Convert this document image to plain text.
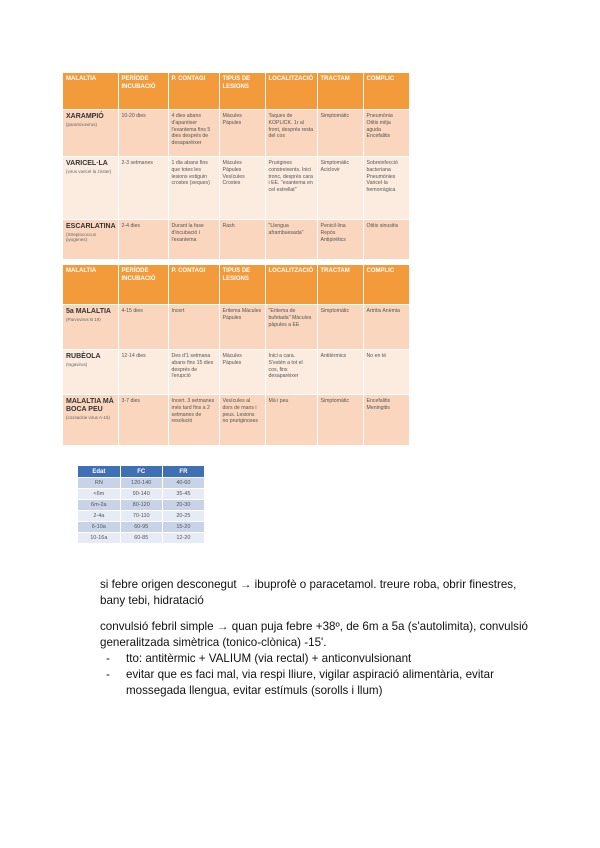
MALALTIA	PERÍODE INCUBACIÓ	P. CONTAGI	TIPUS DE LESIONS	LOCALITZACIÓ	TRACTAM	COMPLIC
XARAMPIÓ
(paramixovirus)	10-20 dies	4 dies abans d'aparèixer l'exantema fins 5 dies després de desaparèixer	Màcules Pàpules	Taques de KOPLICK. 1r al front, després resta del cos	Simptomàtic	Pneumònia Otitis mitja aguda Encefalitis
VARICEL·LA
(virus varicel·la zòster)	2-3 setmanes	1 dia abans fins que totes les lesions estiguin crostes (seques)	Màcules Pàpules Vesícules Crostes	Prurigines constreixents. Inici tronc, després cara i EE. "exantema en cel estrellat"	Simptomàtic Aciclovir	Sobreinfecció bacteriana Pneumònies Varicel·la hemorràgica
ESCARLATINA
(Streptococcus pyogenes)	2-4 dies	Durant la fase d'incubació i l'exantema	Rash	"Llengua aframbuesada"	Penicil·lina Repòs Antipirètics	Otitis sinusitis
MALALTIA	PERÍODE INCUBACIÓ	P. CONTAGI	TIPUS DE LESIONS	LOCALITZACIÓ	TRACTAM	COMPLIC
5a MALALTIA
(Parvovirus B 19)	4-15 dies	Incert	Eritema Màcules Pàpules	"Eritema de bufetada" Màcules pàpules a EE	Simptomàtic	Artritis Anèmia
RUBÈOLA
(togavirus)	12-14 dies	Des d'1 setmana abans fins 15 dies després de l'erupció	Màcules Pàpules	Inici a cara. S'estén a tot el cos, fins desaparèixer	Antitèrmics	No en té
MALALTIA MÀ BOCA PEU
(coxsackie virus A-16)	3-7 dies	Incert. 3 setmanes més tard fins a 2 setmanes de resolució	Vesícules al dors de mans i peus. Lesions no pruriginoses	Mà i peu	Simptomàtic	Encefalitis Meningitis
Edat	FC	FR
RN	120-140	40-60
<6m	90-140	35-45
6m-2a	80-120	20-30
2-4a	70-110	20-25
6-10a	60-95	15-20
10-16a	60-85	12-20
si febre origen desconegut → ibuprofè o paracetamol. treure roba, obrir finestres, bany tebi, hidratació
convulsió febril simple → quan puja febre +38º, de 6m a 5a (s'autolimita), convulsió generalitzada simètrica (tonico-clònica) -15'.
- tto: antitèrmic + VALIUM (via rectal) + anticonvulsionant
- evitar que es faci mal, via respi lliure, vigilar aspiració alimentària, evitar mossegada llengua, evitar estímuls (sorolls i llum)
